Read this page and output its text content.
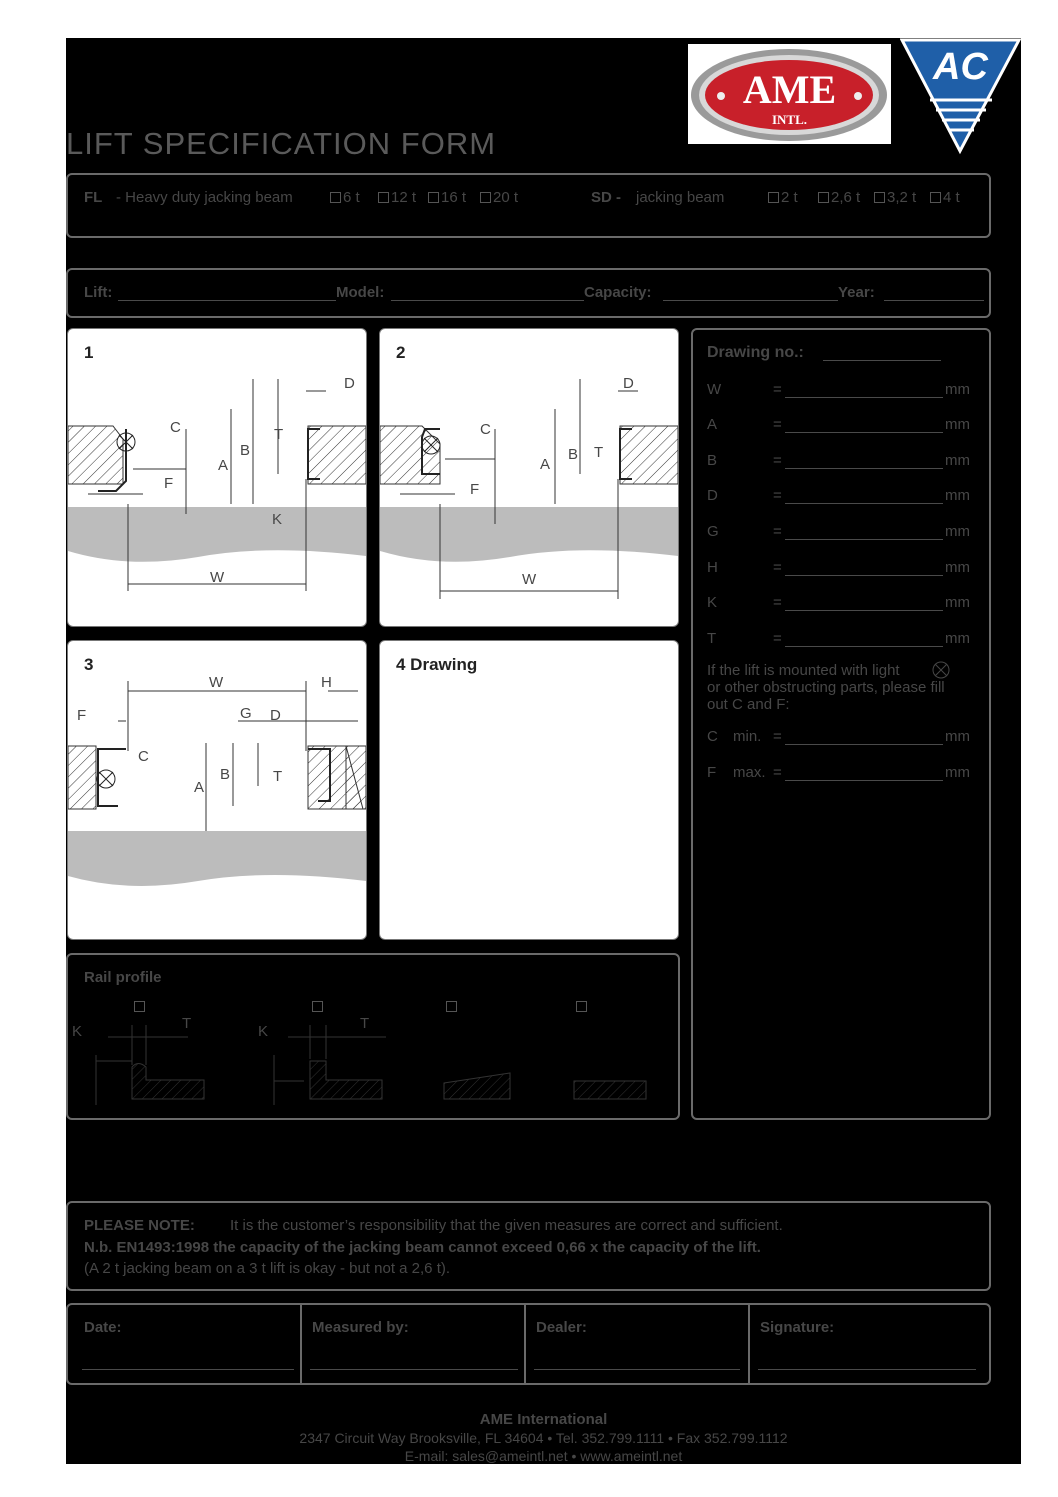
AME
INTL.
AC
LIFT SPECIFICATION FORM
FL - Heavy duty jacking beam	6 t	12 t	16 t	20 t	SD - jacking beam	2 t	2,6 t	3,2 t	4 t
Lift:	Model:	Capacity:	Year:
1
D
C	T
B
A
F
K
W
2
D
C
T
B
A
F
W
3
W	H
F	G D
C
B	T
A
4 Drawing
Drawing no.:
W	=	mm
A	=	mm
B	=	mm
D	=	mm
G	=	mm
H	=	mm
K	=	mm
T	=	mm
If the lift is mounted with light
or other obstructing parts, please fill
out C and F:
C min. =	mm
F max. =	mm
Rail profile
K	T	K	T
PLEASE NOTE: It is the customer’s responsibility that the given measures are correct and sufficient.
N.b. EN1493:1998 the capacity of the jacking beam cannot exceed 0,66 x the capacity of the lift.
(A 2 t jacking beam on a 3 t lift is okay - but not a 2,6 t).
Date:	Measured by:	Dealer:	Signature:
AME International
2347 Circuit Way Brooksville, FL 34604 • Tel. 352.799.1111 • Fax 352.799.1112
E-mail: sales@ameintl.net • www.ameintl.net
